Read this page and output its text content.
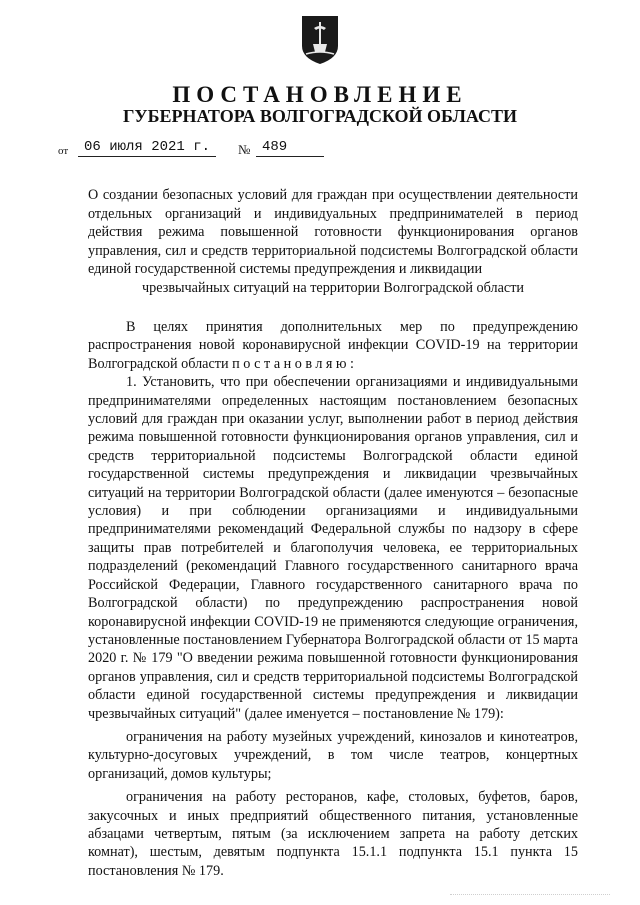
ПОСТАНОВЛЕНИЕ
ГУБЕРНАТОРА ВОЛГОГРАДСКОЙ ОБЛАСТИ
от	06 июля 2021 г.	№ 489
О создании безопасных условий для граждан при осуществлении деятельности отдельных организаций и индивидуальных предпринимателей в период действия режима повышенной готовности функционирования органов управления, сил и средств территориальной подсистемы Волгоградской области единой государственной системы предупреждения и ликвидации
чрезвычайных ситуаций на территории Волгоградской области

В целях принятия дополнительных мер по предупреждению распространения новой коронавирусной инфекции COVID-19 на территории Волгоградской области постановляю:

1. Установить, что при обеспечении организациями и индивидуальными предпринимателями определенных настоящим постановлением безопасных условий для граждан при оказании услуг, выполнении работ в период действия режима повышенной готовности функционирования органов управления, сил и средств территориальной подсистемы Волгоградской области единой государственной системы предупреждения и ликвидации чрезвычайных ситуаций на территории Волгоградской области (далее именуются – безопасные условия) и при соблюдении организациями и индивидуальными предпринимателями рекомендаций Федеральной службы по надзору в сфере защиты прав потребителей и благополучия человека, ее территориальных подразделений (рекомендаций Главного государственного санитарного врача Российской Федерации, Главного государственного санитарного врача по Волгоградской области) по предупреждению распространения новой коронавирусной инфекции COVID-19 не применяются следующие ограничения, установленные постановлением Губернатора Волгоградской области от 15 марта 2020 г. № 179 "О введении режима повышенной готовности функционирования органов управления, сил и средств территориальной подсистемы Волгоградской области единой государственной системы предупреждения и ликвидации чрезвычайных ситуаций" (далее именуется – постановление № 179):

ограничения на работу музейных учреждений, кинозалов и кинотеатров, культурно-досуговых учреждений, в том числе театров, концертных организаций, домов культуры;

ограничения на работу ресторанов, кафе, столовых, буфетов, баров, закусочных и иных предприятий общественного питания, установленные абзацами четвертым, пятым (за исключением запрета на работу детских комнат), шестым, девятым подпункта 15.1.1 подпункта 15.1 пункта 15 постановления № 179.
